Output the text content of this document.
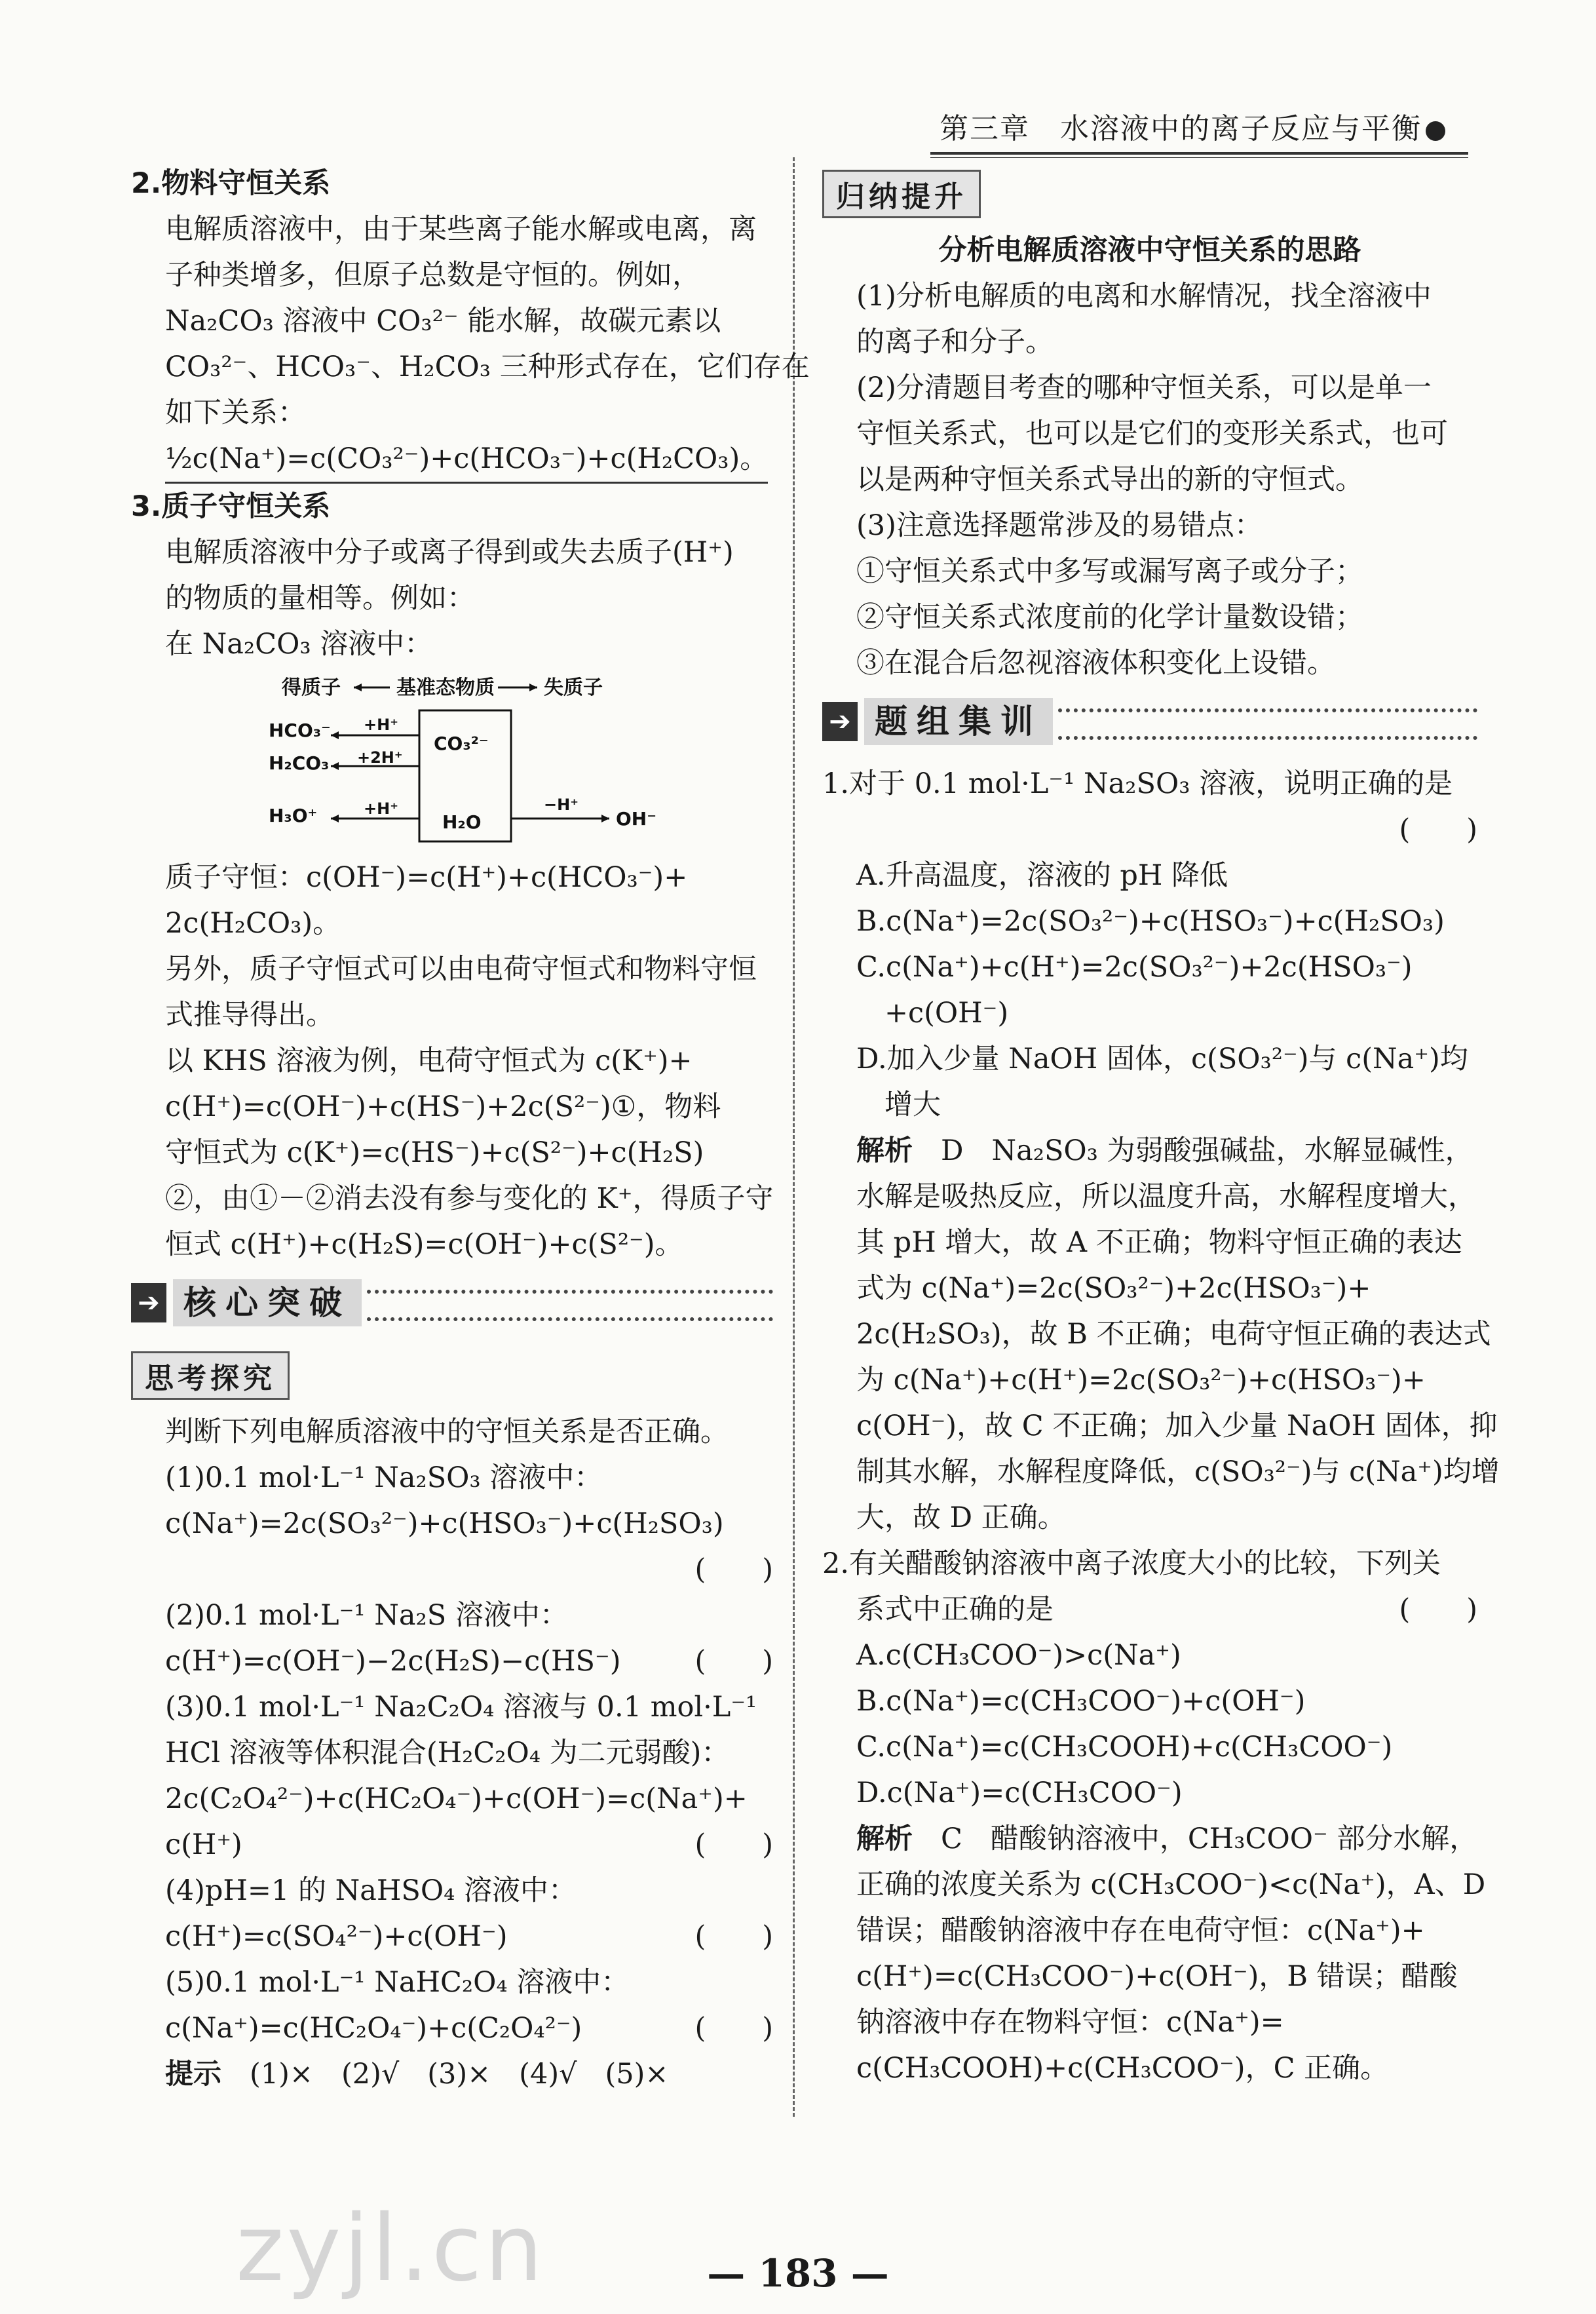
第三章　水溶液中的离子反应与平衡
2.物料守恒关系
电解质溶液中，由于某些离子能水解或电离，离
子种类增多，但原子总数是守恒的。例如，
Na₂CO₃ 溶液中 CO₃²⁻ 能水解，故碳元素以
CO₃²⁻、HCO₃⁻、H₂CO₃ 三种形式存在，它们存在
如下关系：
½c(Na⁺)=c(CO₃²⁻)+c(HCO₃⁻)+c(H₂CO₃)。
3.质子守恒关系
电解质溶液中分子或离子得到或失去质子(H⁺)
的物质的量相等。例如：
在 Na₂CO₃ 溶液中：
得质子	基准态物质	失质子
HCO₃⁻
H₂CO₃
H₃O⁺
+H⁺
+2H⁺
+H⁺
CO₃²⁻
H₂O
−H⁺
OH⁻
质子守恒：c(OH⁻)=c(H⁺)+c(HCO₃⁻)+
2c(H₂CO₃)。
另外，质子守恒式可以由电荷守恒式和物料守恒
式推导得出。
以 KHS 溶液为例，电荷守恒式为 c(K⁺)+
c(H⁺)=c(OH⁻)+c(HS⁻)+2c(S²⁻)①，物料
守恒式为 c(K⁺)=c(HS⁻)+c(S²⁻)+c(H₂S)
②，由①－②消去没有参与变化的 K⁺，得质子守
恒式 c(H⁺)+c(H₂S)=c(OH⁻)+c(S²⁻)。
➔ 核心突破
思考探究
判断下列电解质溶液中的守恒关系是否正确。
(1)0.1 mol·L⁻¹ Na₂SO₃ 溶液中：
c(Na⁺)=2c(SO₃²⁻)+c(HSO₃⁻)+c(H₂SO₃)
(　　)

(2)0.1 mol·L⁻¹ Na₂S 溶液中：
c(H⁺)=c(OH⁻)−2c(H₂S)−c(HS⁻)	(　　)
(3)0.1 mol·L⁻¹ Na₂C₂O₄ 溶液与 0.1 mol·L⁻¹
HCl 溶液等体积混合(H₂C₂O₄ 为二元弱酸)：
2c(C₂O₄²⁻)+c(HC₂O₄⁻)+c(OH⁻)=c(Na⁺)+
c(H⁺)	(　　)
(4)pH=1 的 NaHSO₄ 溶液中：
c(H⁺)=c(SO₄²⁻)+c(OH⁻)	(　　)
(5)0.1 mol·L⁻¹ NaHC₂O₄ 溶液中：
c(Na⁺)=c(HC₂O₄⁻)+c(C₂O₄²⁻)	(　　)
提示　 (1)×　(2)√　(3)×　(4)√　(5)×
归纳提升
分析电解质溶液中守恒关系的思路
(1)分析电解质的电离和水解情况，找全溶液中
的离子和分子。
(2)分清题目考查的哪种守恒关系，可以是单一
守恒关系式，也可以是它们的变形关系式，也可
以是两种守恒关系式导出的新的守恒式。
(3)注意选择题常涉及的易错点：
①守恒关系式中多写或漏写离子或分子；
②守恒关系式浓度前的化学计量数设错；
③在混合后忽视溶液体积变化上设错。
➔ 题组集训
1.对于 0.1 mol·L⁻¹ Na₂SO₃ 溶液，说明正确的是
(　　)

A.升高温度，溶液的 pH 降低
B.c(Na⁺)=2c(SO₃²⁻)+c(HSO₃⁻)+c(H₂SO₃)
C.c(Na⁺)+c(H⁺)=2c(SO₃²⁻)+2c(HSO₃⁻)
　+c(OH⁻)
D.加入少量 NaOH 固体，c(SO₃²⁻)与 c(Na⁺)均
　增大
解析　 D　Na₂SO₃ 为弱酸强碱盐，水解显碱性，
水解是吸热反应，所以温度升高，水解程度增大，
其 pH 增大，故 A 不正确；物料守恒正确的表达
式为 c(Na⁺)=2c(SO₃²⁻)+2c(HSO₃⁻)+
2c(H₂SO₃)，故 B 不正确；电荷守恒正确的表达式
为 c(Na⁺)+c(H⁺)=2c(SO₃²⁻)+c(HSO₃⁻)+
c(OH⁻)，故 C 不正确；加入少量 NaOH 固体，抑
制其水解，水解程度降低，c(SO₃²⁻)与 c(Na⁺)均增
大，故 D 正确。
2.有关醋酸钠溶液中离子浓度大小的比较，下列关
系式中正确的是	(　　)
A.c(CH₃COO⁻)>c(Na⁺)
B.c(Na⁺)=c(CH₃COO⁻)+c(OH⁻)
C.c(Na⁺)=c(CH₃COOH)+c(CH₃COO⁻)
D.c(Na⁺)=c(CH₃COO⁻)
解析　 C　醋酸钠溶液中，CH₃COO⁻ 部分水解，
正确的浓度关系为 c(CH₃COO⁻)<c(Na⁺)，A、D
错误；醋酸钠溶液中存在电荷守恒：c(Na⁺)+
c(H⁺)=c(CH₃COO⁻)+c(OH⁻)，B 错误；醋酸
钠溶液中存在物料守恒：c(Na⁺)=
c(CH₃COOH)+c(CH₃COO⁻)，C 正确。
zyjl.cn	— 183 —
